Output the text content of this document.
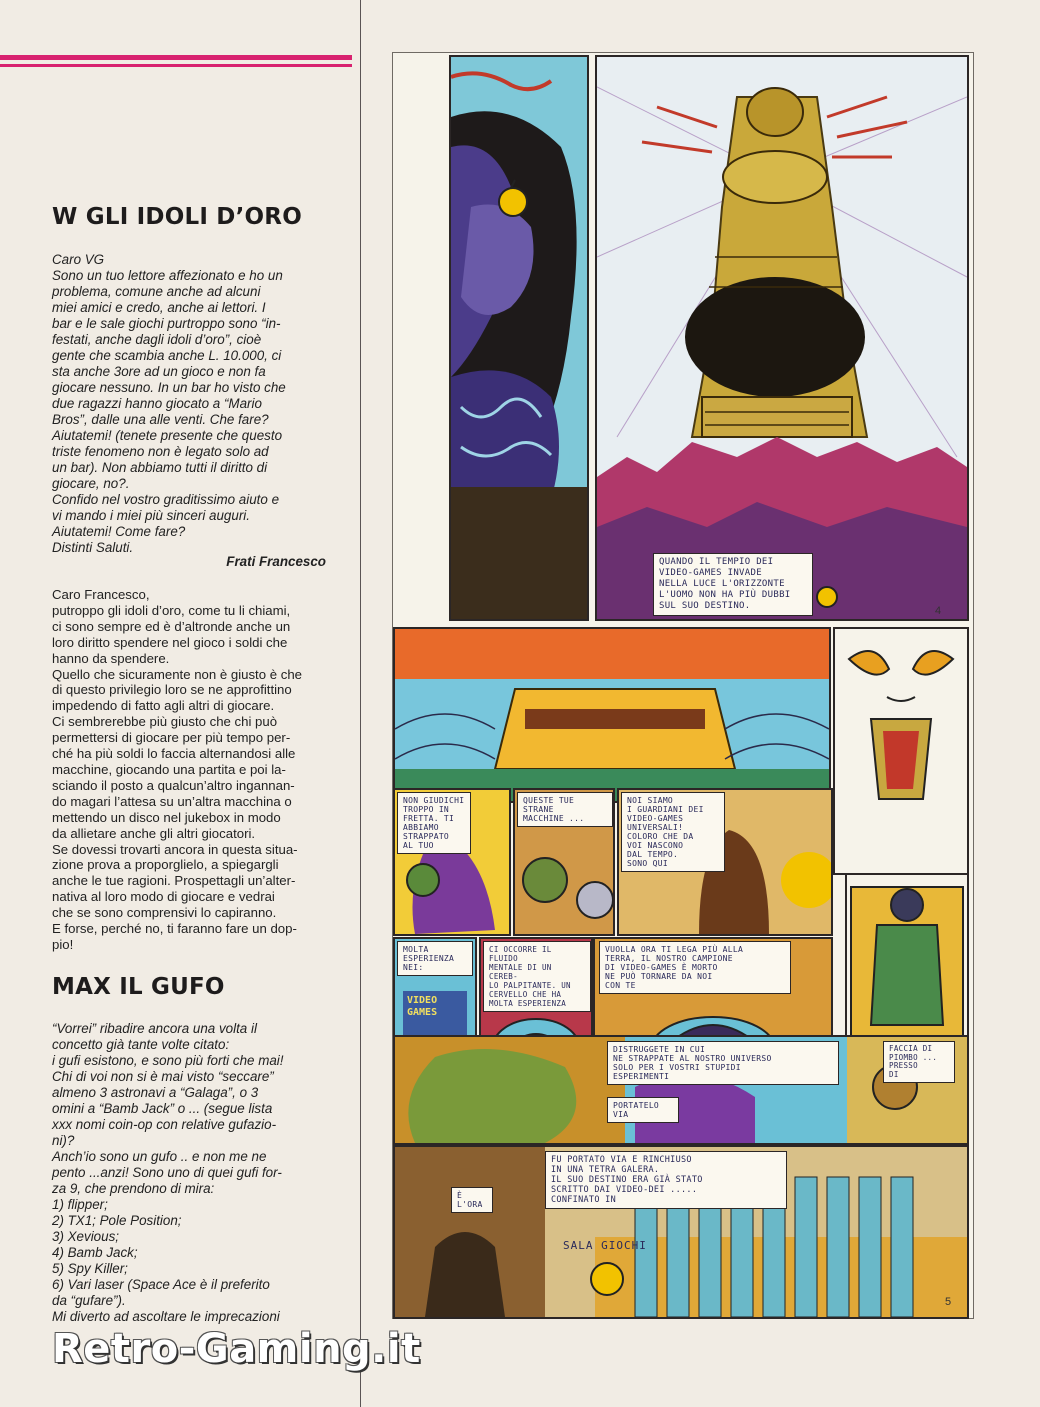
W GLI IDOLI D’ORO
Caro VG
Sono un tuo lettore affezionato e ho un
problema, comune anche ad alcuni
miei amici e credo, anche ai lettori. I
bar e le sale giochi purtroppo sono “in-
festati, anche dagli idoli d’oro”, cioè
gente che scambia anche L. 10.000, ci
sta anche 3ore ad un gioco e non fa
giocare nessuno. In un bar ho visto che
due ragazzi hanno giocato a “Mario
Bros”, dalle una alle venti. Che fare?
Aiutatemi! (tenete presente che questo
triste fenomeno non è legato solo ad
un bar). Non abbiamo tutti il diritto di
giocare, no?.
Confido nel vostro graditissimo aiuto e
vi mando i miei più sinceri auguri.
Aiutatemi! Come fare?
Distinti Saluti.
Frati Francesco
Caro Francesco,
putroppo gli idoli d’oro, come tu li chiami,
ci sono sempre ed è d’altronde anche un
loro diritto spendere nel gioco i soldi che
hanno da spendere.
Quello che sicuramente non è giusto è che
di questo privilegio loro se ne approfittino
impedendo di fatto agli altri di giocare.
Ci sembrerebbe più giusto che chi può
permettersi di giocare per più tempo per-
ché ha più soldi lo faccia alternandosi alle
macchine, giocando una partita e poi la-
sciando il posto a qualcun’altro ingannan-
do magari l’attesa su un’altra macchina o
mettendo un disco nel jukebox in modo
da allietare anche gli altri giocatori.
Se dovessi trovarti ancora in questa situa-
zione prova a proporglielo, a spiegargli
anche le tue ragioni. Prospettagli un’alter-
nativa al loro modo di giocare e vedrai
che se sono comprensivi lo capiranno.
E forse, perché no, ti faranno fare un dop-
pio!
MAX IL GUFO
“Vorrei” ribadire ancora una volta il
concetto già tante volte citato:
i gufi esistono, e sono più forti che mai!
Chi di voi non si è mai visto “seccare”
almeno 3 astronavi a “Galaga”, o 3
omini a “Bamb Jack” o ... (segue lista
xxx nomi coin-op con relative gufazio-
ni)?
Anch’io sono un gufo .. e non me ne
pento ...anzi! Sono uno di quei gufi for-
za 9, che prendono di mira:
1) flipper;
2) TX1; Pole Position;
3) Xevious;
4) Bamb Jack;
5) Spy Killer;
6) Vari laser (Space Ace è il preferito
da “gufare”).
Mi diverto ad ascoltare le imprecazioni
QUANDO IL TEMPIO DEI
VIDEO-GAMES INVADE
NELLA LUCE L'ORIZZONTE
L'UOMO NON HA PIÙ DUBBI
SUL SUO DESTINO.	4
NON GIUDICHI
TROPPO IN
FRETTA. TI
ABBIAMO
STRAPPATO
AL TUO
QUESTE TUE
STRANE
MACCHINE ...
NOI SIAMO
I GUARDIANI DEI
VIDEO-GAMES
UNIVERSALI!
COLORO CHE DA
VOI NASCONO
DAL TEMPO.
SONO QUI
MOLTA
ESPERIENZA
NEI:
VIDEO
GAMES
CI OCCORRE IL FLUIDO
MENTALE DI UN CEREB-
LO PALPITANTE. UN
CERVELLO CHE HA
MOLTA ESPERIENZA
VUOLLA ORA TI LEGA PIÙ ALLA
TERRA, IL NOSTRO CAMPIONE
DI VIDEO-GAMES È MORTO
NE PUÒ TORNARE DA NOI
CON TE
DISTRUGGETE IN CUI
NE STRAPPATE AL NOSTRO UNIVERSO
SOLO PER I VOSTRI STUPIDI
ESPERIMENTI
PORTATELO
VIA
FACCIA DI
PIOMBO ...
PRESSO
DI
FU PORTATO VIA E RINCHIUSO
IN UNA TETRA GALERA.
IL SUO DESTINO ERA GIÀ STATO
SCRITTO DAI VIDEO-DEI .....
CONFINATO IN
SALA GIOCHI
È
L'ORA
5
Retro-Gaming.it
